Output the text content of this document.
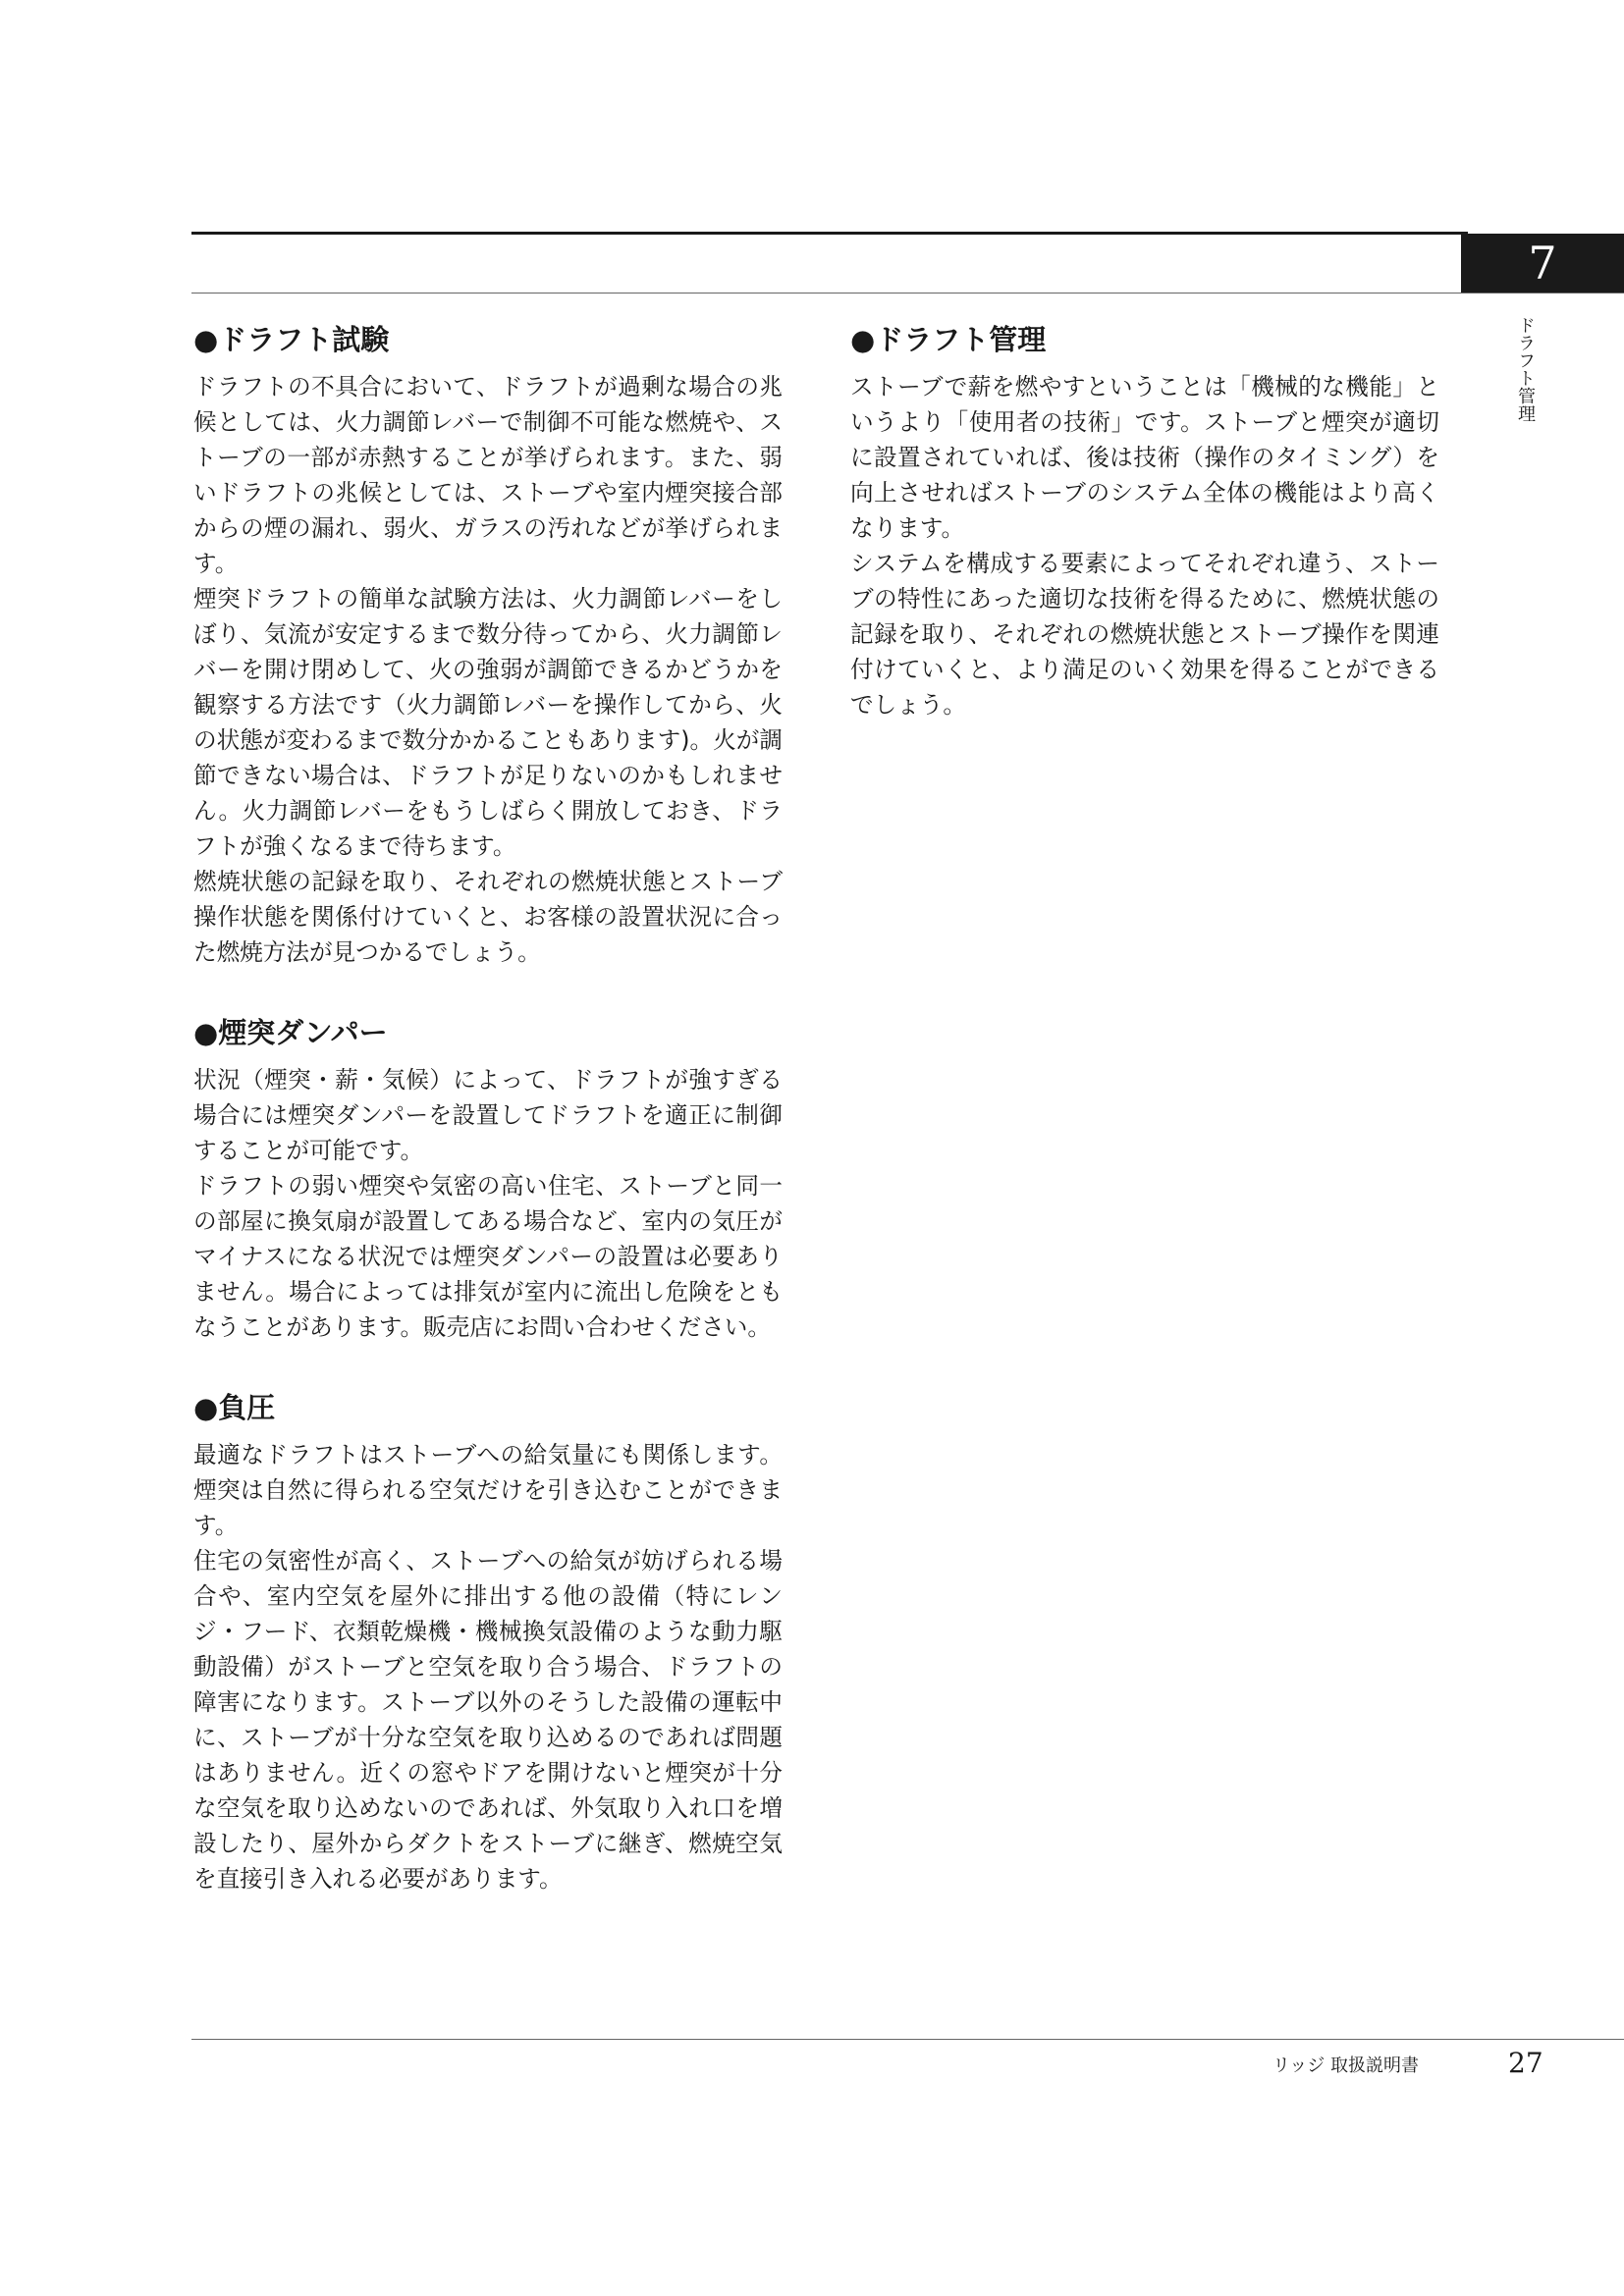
7
ドラフト管理
●ドラフト試験

ドラフトの不具合において、ドラフトが過剰な場合の兆候としては、火力調節レバーで制御不可能な燃焼や、ストーブの一部が赤熱することが挙げられます。また、弱いドラフトの兆候としては、ストーブや室内煙突接合部からの煙の漏れ、弱火、ガラスの汚れなどが挙げられます。

煙突ドラフトの簡単な試験方法は、火力調節レバーをしぼり、気流が安定するまで数分待ってから、火力調節レバーを開け閉めして、火の強弱が調節できるかどうかを観察する方法です（火力調節レバーを操作してから、火の状態が変わるまで数分かかることもあります)。火が調節できない場合は、ドラフトが足りないのかもしれません。火力調節レバーをもうしばらく開放しておき、ドラフトが強くなるまで待ちます。

燃焼状態の記録を取り、それぞれの燃焼状態とストーブ操作状態を関係付けていくと、お客様の設置状況に合った燃焼方法が見つかるでしょう。

●煙突ダンパー

状況（煙突・薪・気候）によって、ドラフトが強すぎる場合には煙突ダンパーを設置してドラフトを適正に制御することが可能です。

ドラフトの弱い煙突や気密の高い住宅、ストーブと同一の部屋に換気扇が設置してある場合など、室内の気圧がマイナスになる状況では煙突ダンパーの設置は必要ありません。場合によっては排気が室内に流出し危険をともなうことがあります。販売店にお問い合わせください。

●負圧

最適なドラフトはストーブへの給気量にも関係します。煙突は自然に得られる空気だけを引き込むことができます。

住宅の気密性が高く、ストーブへの給気が妨げられる場合や、室内空気を屋外に排出する他の設備（特にレンジ・フード、衣類乾燥機・機械換気設備のような動力駆動設備）がストーブと空気を取り合う場合、ドラフトの障害になります。ストーブ以外のそうした設備の運転中に、ストーブが十分な空気を取り込めるのであれば問題はありません。近くの窓やドアを開けないと煙突が十分な空気を取り込めないのであれば、外気取り入れ口を増設したり、屋外からダクトをストーブに継ぎ、燃焼空気を直接引き入れる必要があります。

●ドラフト管理

ストーブで薪を燃やすということは「機械的な機能」というより「使用者の技術」です。ストーブと煙突が適切に設置されていれば、後は技術（操作のタイミング）を向上させればストーブのシステム全体の機能はより高くなります。

システムを構成する要素によってそれぞれ違う、ストーブの特性にあった適切な技術を得るために、燃焼状態の記録を取り、それぞれの燃焼状態とストーブ操作を関連付けていくと、より満足のいく効果を得ることができるでしょう。

リッジ 取扱説明書	27
